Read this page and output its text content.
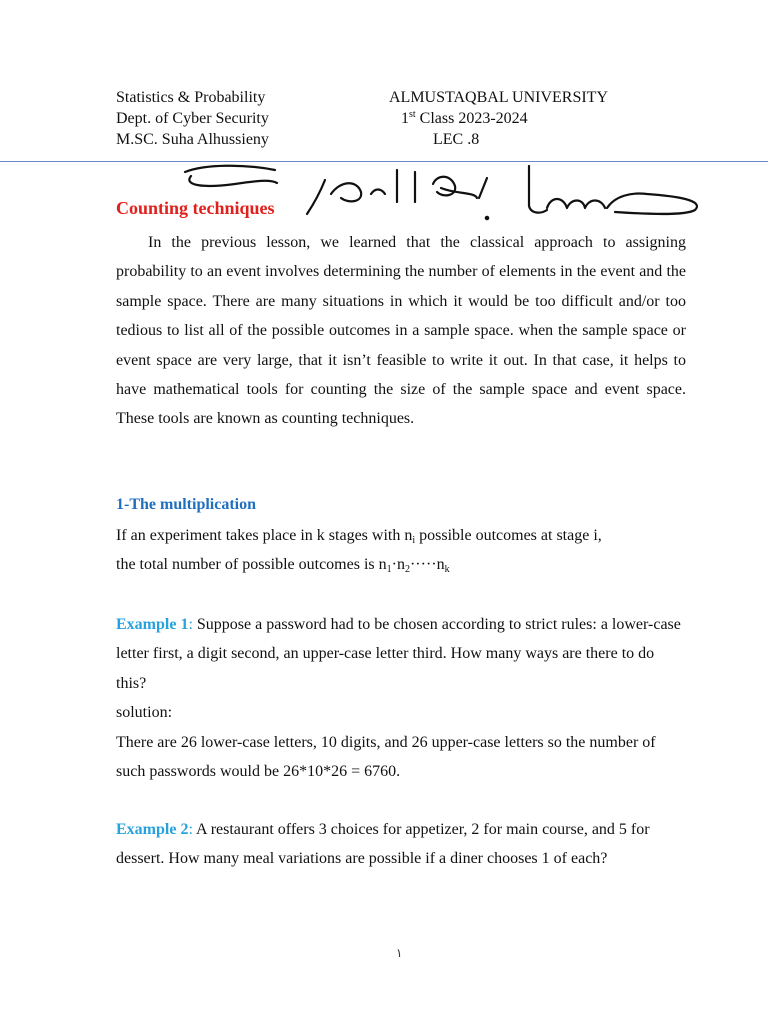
Statistics & Probability
Dept. of Cyber Security
M.SC. Suha Alhussieny
ALMUSTAQBAL UNIVERSITY
1st Class 2023-2024
LEC .8
Counting techniques
In the previous lesson, we learned that the classical approach to assigning probability to an event involves determining the number of elements in the event and the sample space. There are many situations in which it would be too difficult and/or too tedious to list all of the possible outcomes in a sample space. when the sample space or event space are very large, that it isn’t feasible to write it out. In that case, it helps to have mathematical tools for counting the size of the sample space and event space. These tools are known as counting techniques.
1-The multiplication
If an experiment takes place in k stages with $n_i$ possible outcomes at stage i,
the total number of possible outcomes is $n_1\cdot n_2\cdot\cdot\cdot\cdot\cdot n_k$
Example 1: Suppose a password had to be chosen according to strict rules: a lower-case letter first, a digit second, an upper-case letter third. How many ways are there to do this?
solution:
There are 26 lower-case letters, 10 digits, and 26 upper-case letters so the number of such passwords would be 26*10*26 = 6760.
Example 2: A restaurant offers 3 choices for appetizer, 2 for main course, and 5 for dessert. How many meal variations are possible if a diner chooses 1 of each?
١
